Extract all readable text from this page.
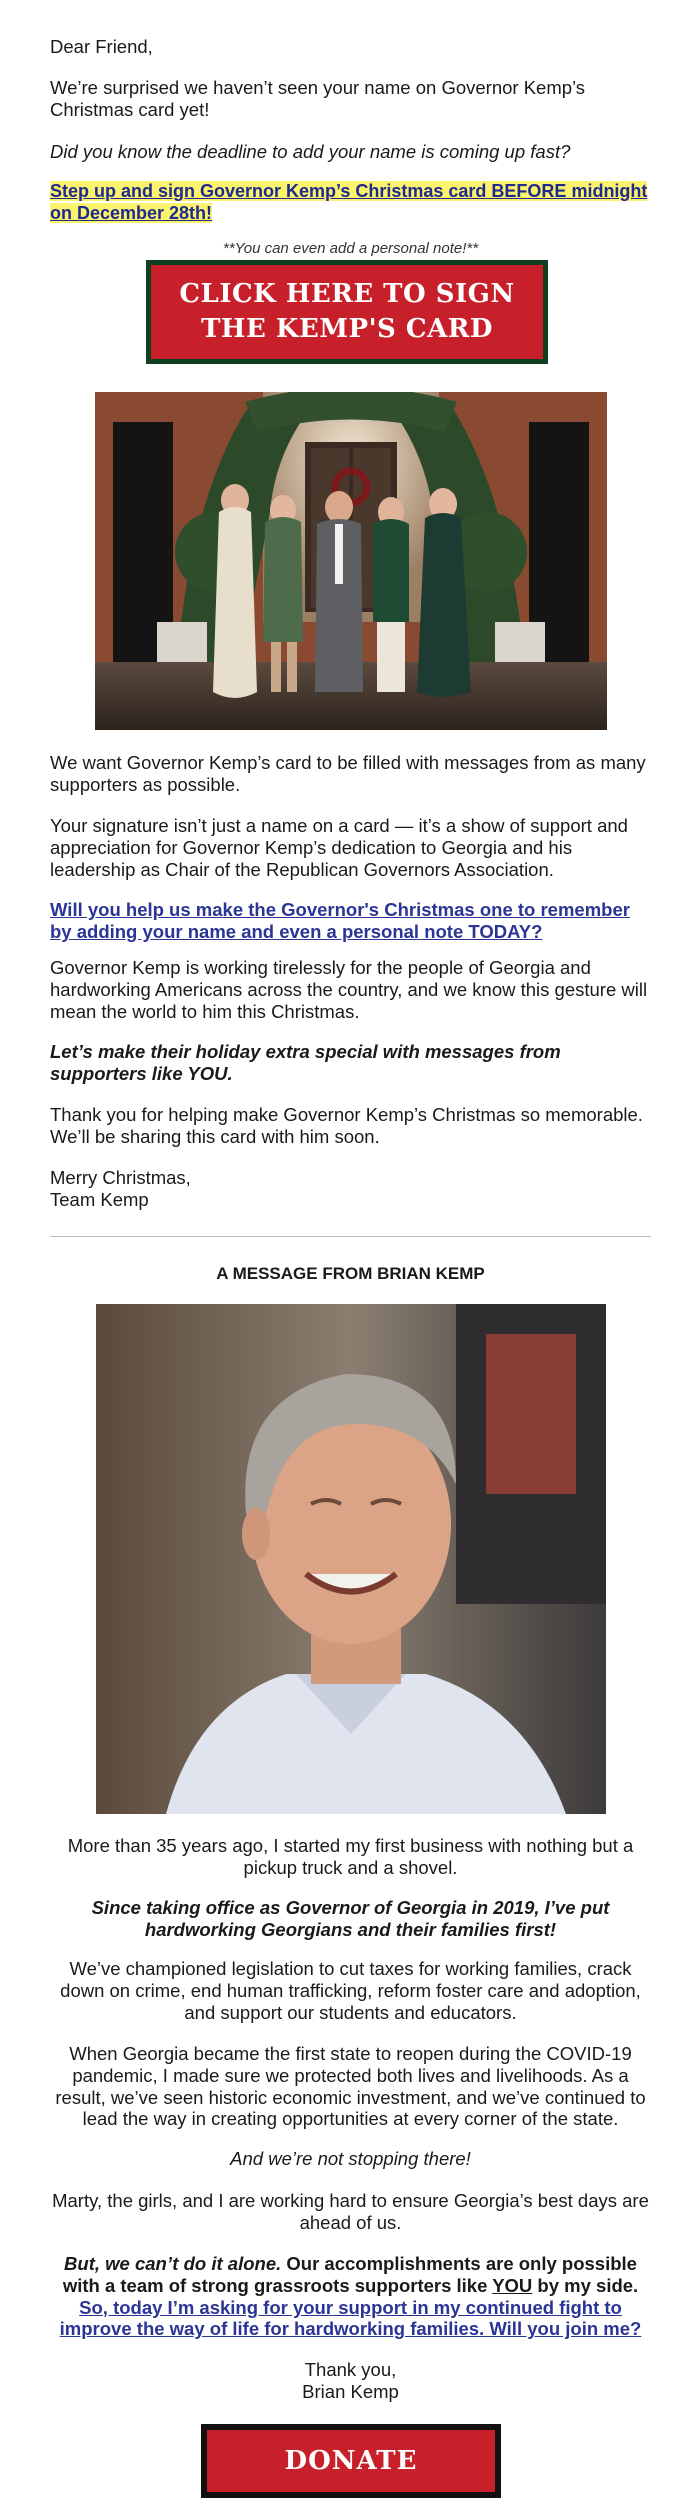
Dear Friend,

We’re surprised we haven’t seen your name on Governor Kemp’s Christmas card yet!

Did you know the deadline to add your name is coming up fast?

Step up and sign Governor Kemp’s Christmas card BEFORE midnight on December 28th!

**You can even add a personal note!**

CLICK HERE TO SIGN
THE KEMP'S CARD

We want Governor Kemp’s card to be filled with messages from as many supporters as possible.

Your signature isn’t just a name on a card — it’s a show of support and appreciation for Governor Kemp’s dedication to Georgia and his leadership as Chair of the Republican Governors Association.

Will you help us make the Governor's Christmas one to remember by adding your name and even a personal note TODAY?

Governor Kemp is working tirelessly for the people of Georgia and hardworking Americans across the country, and we know this gesture will mean the world to him this Christmas.

Let’s make their holiday extra special with messages from supporters like YOU.

Thank you for helping make Governor Kemp’s Christmas so memorable. We’ll be sharing this card with him soon.

Merry Christmas,
Team Kemp

A MESSAGE FROM BRIAN KEMP

More than 35 years ago, I started my first business with nothing but a pickup truck and a shovel.

Since taking office as Governor of Georgia in 2019, I’ve put hardworking Georgians and their families first!

We’ve championed legislation to cut taxes for working families, crack down on crime, end human trafficking, reform foster care and adoption, and support our students and educators.

When Georgia became the first state to reopen during the COVID-19 pandemic, I made sure we protected both lives and livelihoods. As a result, we’ve seen historic economic investment, and we’ve continued to lead the way in creating opportunities at every corner of the state.

And we’re not stopping there!

Marty, the girls, and I are working hard to ensure Georgia’s best days are ahead of us.

But, we can’t do it alone. Our accomplishments are only possible with a team of strong grassroots supporters like YOU by my side. So, today I’m asking for your support in my continued fight to improve the way of life for hardworking families. Will you join me?

Thank you,
Brian Kemp

DONATE
